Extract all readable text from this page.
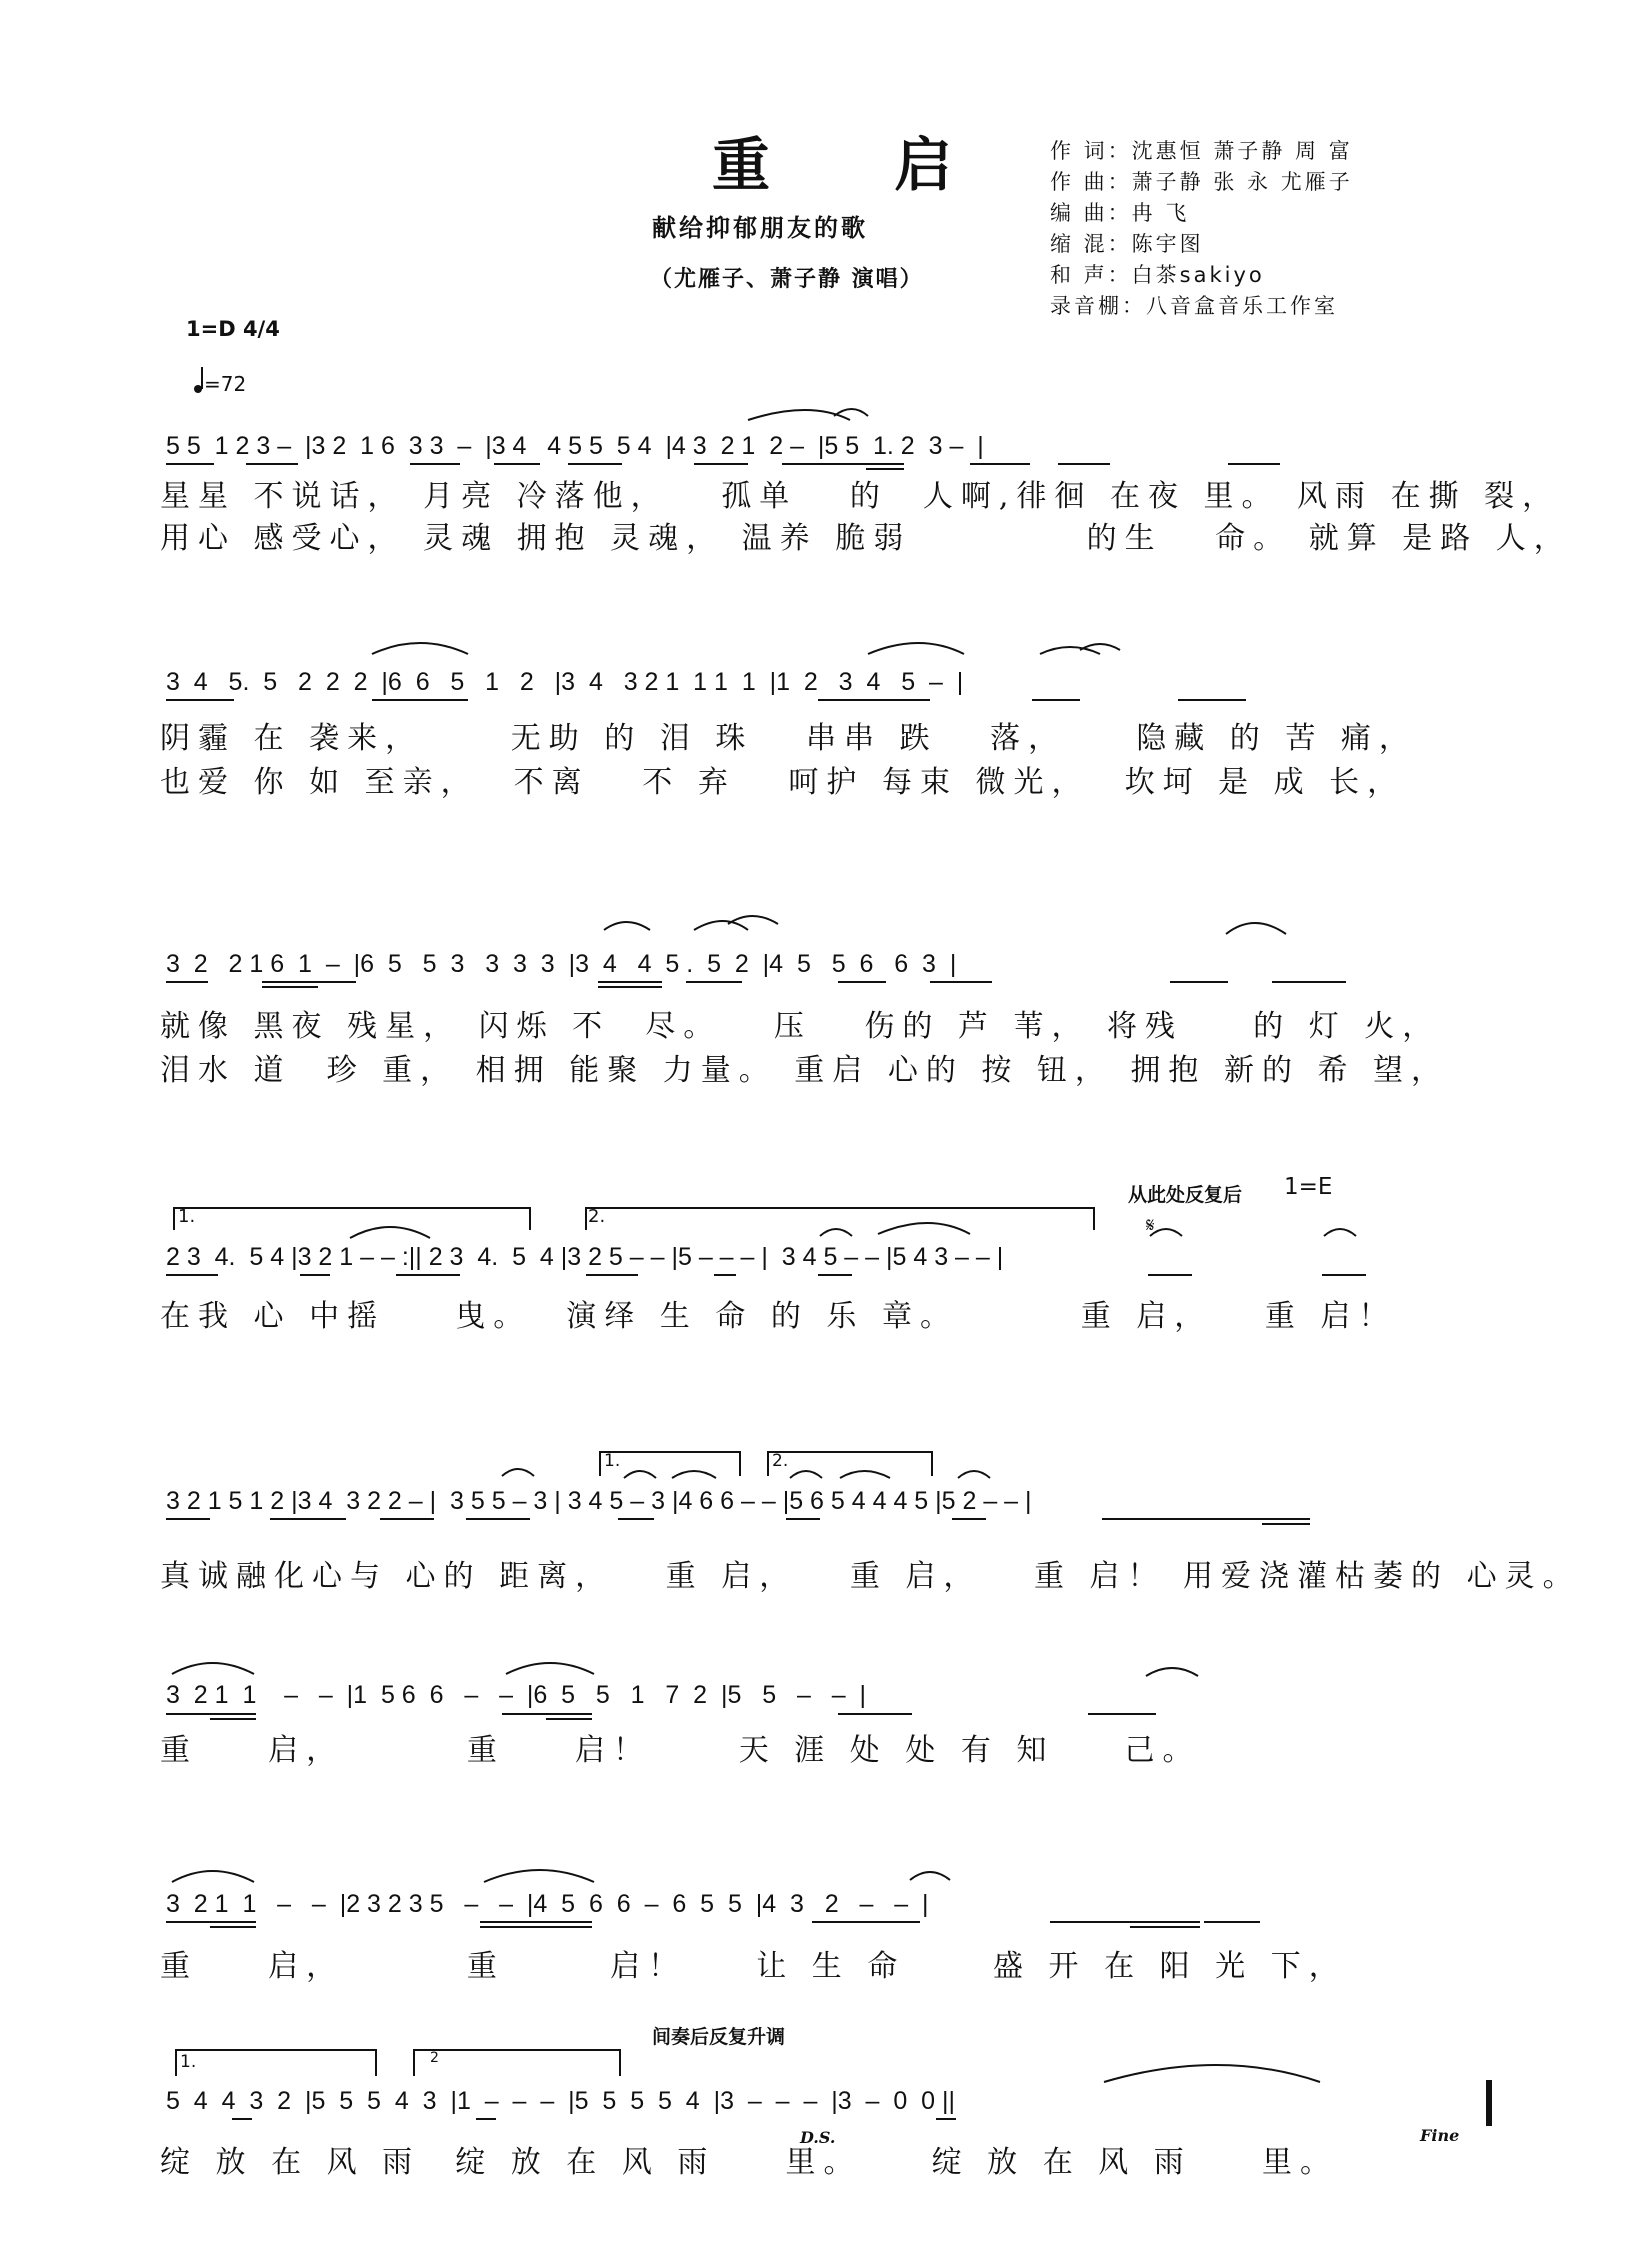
重 启
献给抑郁朋友的歌
（尤雁子、萧子静 演唱）
作 词：沈惠恒 萧子静 周 富
作 曲：萧子静 张 永 尤雁子
编 曲：冉 飞
缩 混：陈宇图
和 声：白茶sakiyo
录音棚：八音盒音乐工作室
1=D 4/4
=72
5 5  1 2 3 –  |3 2  1 6  3 3  –  |3 4   4 5 5  5 4  |4 3  2 1  2 –  |5 5  1. 2  3 –  |
星星 不说话， 月亮 冷落他，   孤单   的  人啊,徘徊 在夜 里。 风雨 在撕 裂，
用心 感受心， 灵魂 拥抱 灵魂， 温养 脆弱          的生   命。 就算 是路 人，
3  4   5.  5   2  2  2  |6  6   5   1   2   |3  4   3 2 1  1 1  1  |1  2   3  4   5  –  |
阴霾 在 袭来，     无助 的 泪 珠   串串 跌   落，    隐藏 的 苦 痛，
也爱 你 如 至亲，  不离   不 弃   呵护 每束 微光，  坎坷 是 成 长，
3  2   2 1 6  1  –  |6  5   5  3   3  3  3  |3  4   4  5 .  5  2  |4  5   5  6   6  3  |
就像 黑夜 残星， 闪烁 不  尽。   压   伤的 芦 苇， 将残    的 灯 火，
泪水 道  珍 重， 相拥 能聚 力量。 重启 心的 按 钮， 拥抱 新的 希 望，
1.	2.
从此处反复后 1=E
𝄋
2 3  4.  5 4 |3 2 1 – – :|| 2 3  4.  5  4 |3 2 5 – – |5 – – – |  3 4 5 – – |5 4 3 – – |
在我 心 中摇    曳。  演绎 生 命 的 乐 章。       重 启，   重 启！
1.	2.
3 2 1 5 1 2 |3 4  3 2 2 – |  3 5 5 – 3 | 3 4 5 – 3 |4 6 6 – – |5 6 5 4 4 4 5 |5 2 – – |
真诚融化心与 心的 距离，   重 启，   重 启，   重 启！ 用爱浇灌枯萎的 心灵。
3  2 1  1    –   –  |1  5 6  6   –   –  |6  5   5   1   7  2  |5   5   –   –  |
重    启，       重    启！     天 涯 处 处 有 知    己。
3  2 1  1   –   –  |2 3 2 3 5   –   –  |4  5  6  6  –  6  5  5  |4  3   2   –   –  |
重    启，       重      启！    让 生 命     盛 开 在 阳 光 下，
间奏后反复升调
1.	2
5  4  4  3  2  |5  5  5  4  3  |1  –  –  –  |5  5  5  5  4  |3  –  –  –  |3  –  0  0 ||
D.S.	Fine
绽 放 在 风 雨  绽 放 在 风 雨    里。    绽 放 在 风 雨    里。
